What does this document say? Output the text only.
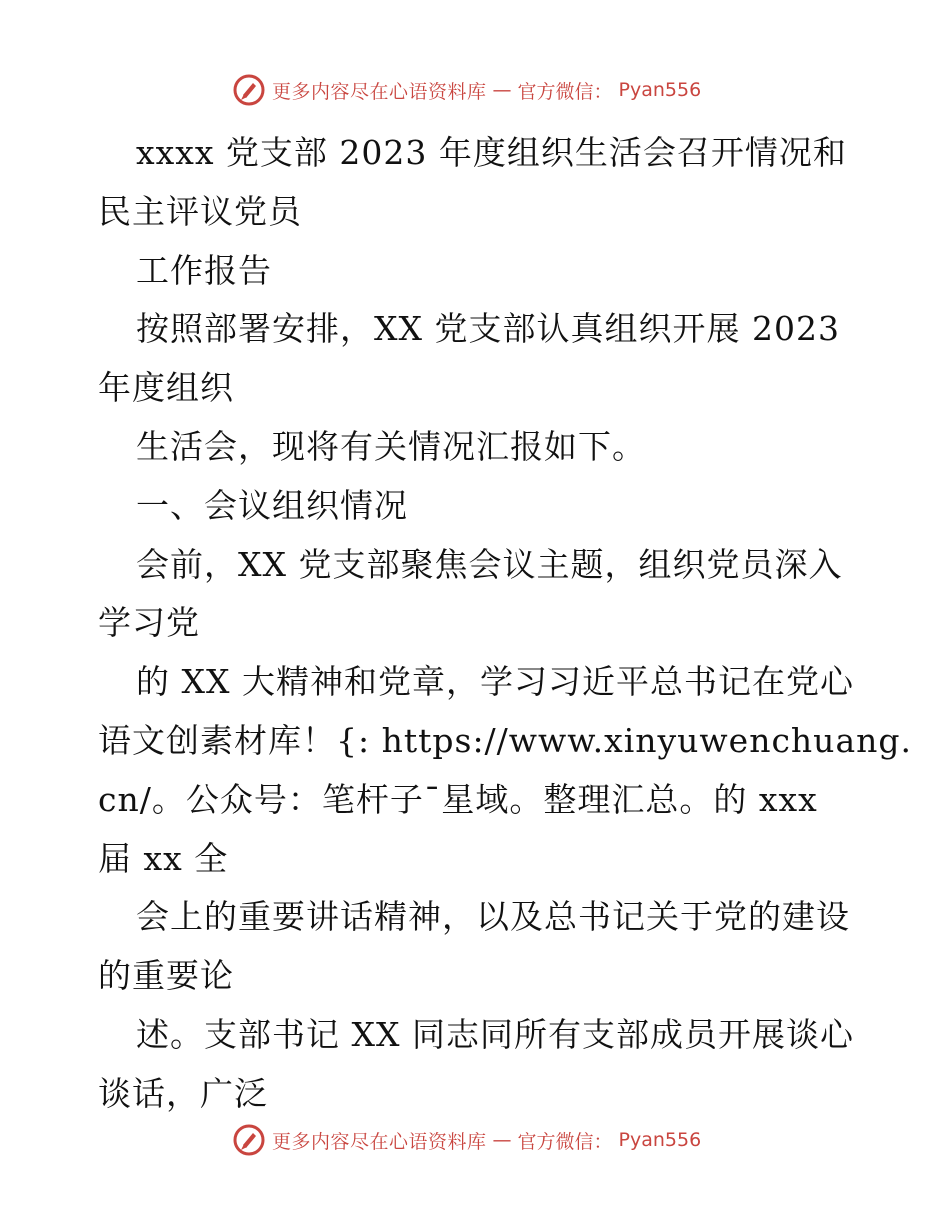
更多内容尽在心语资料库 — 官方微信： Pyan556
xxxx 党支部 2023 年度组织生活会召开情况和
民主评议党员
工作报告
按照部署安排，XX 党支部认真组织开展 2023
年度组织
生活会，现将有关情况汇报如下。
一、会议组织情况
会前，XX 党支部聚焦会议主题，组织党员深入
学习党
的 XX 大精神和党章，学习习近平总书记在党心
语文创素材库！{: https://www.xinyuwenchuang.
cn/。公众号：笔杆子¯星域。整理汇总。的 xxx
届 xx 全
会上的重要讲话精神，以及总书记关于党的建设
的重要论
述。支部书记 XX 同志同所有支部成员开展谈心
谈话，广泛
更多内容尽在心语资料库 — 官方微信： Pyan556
